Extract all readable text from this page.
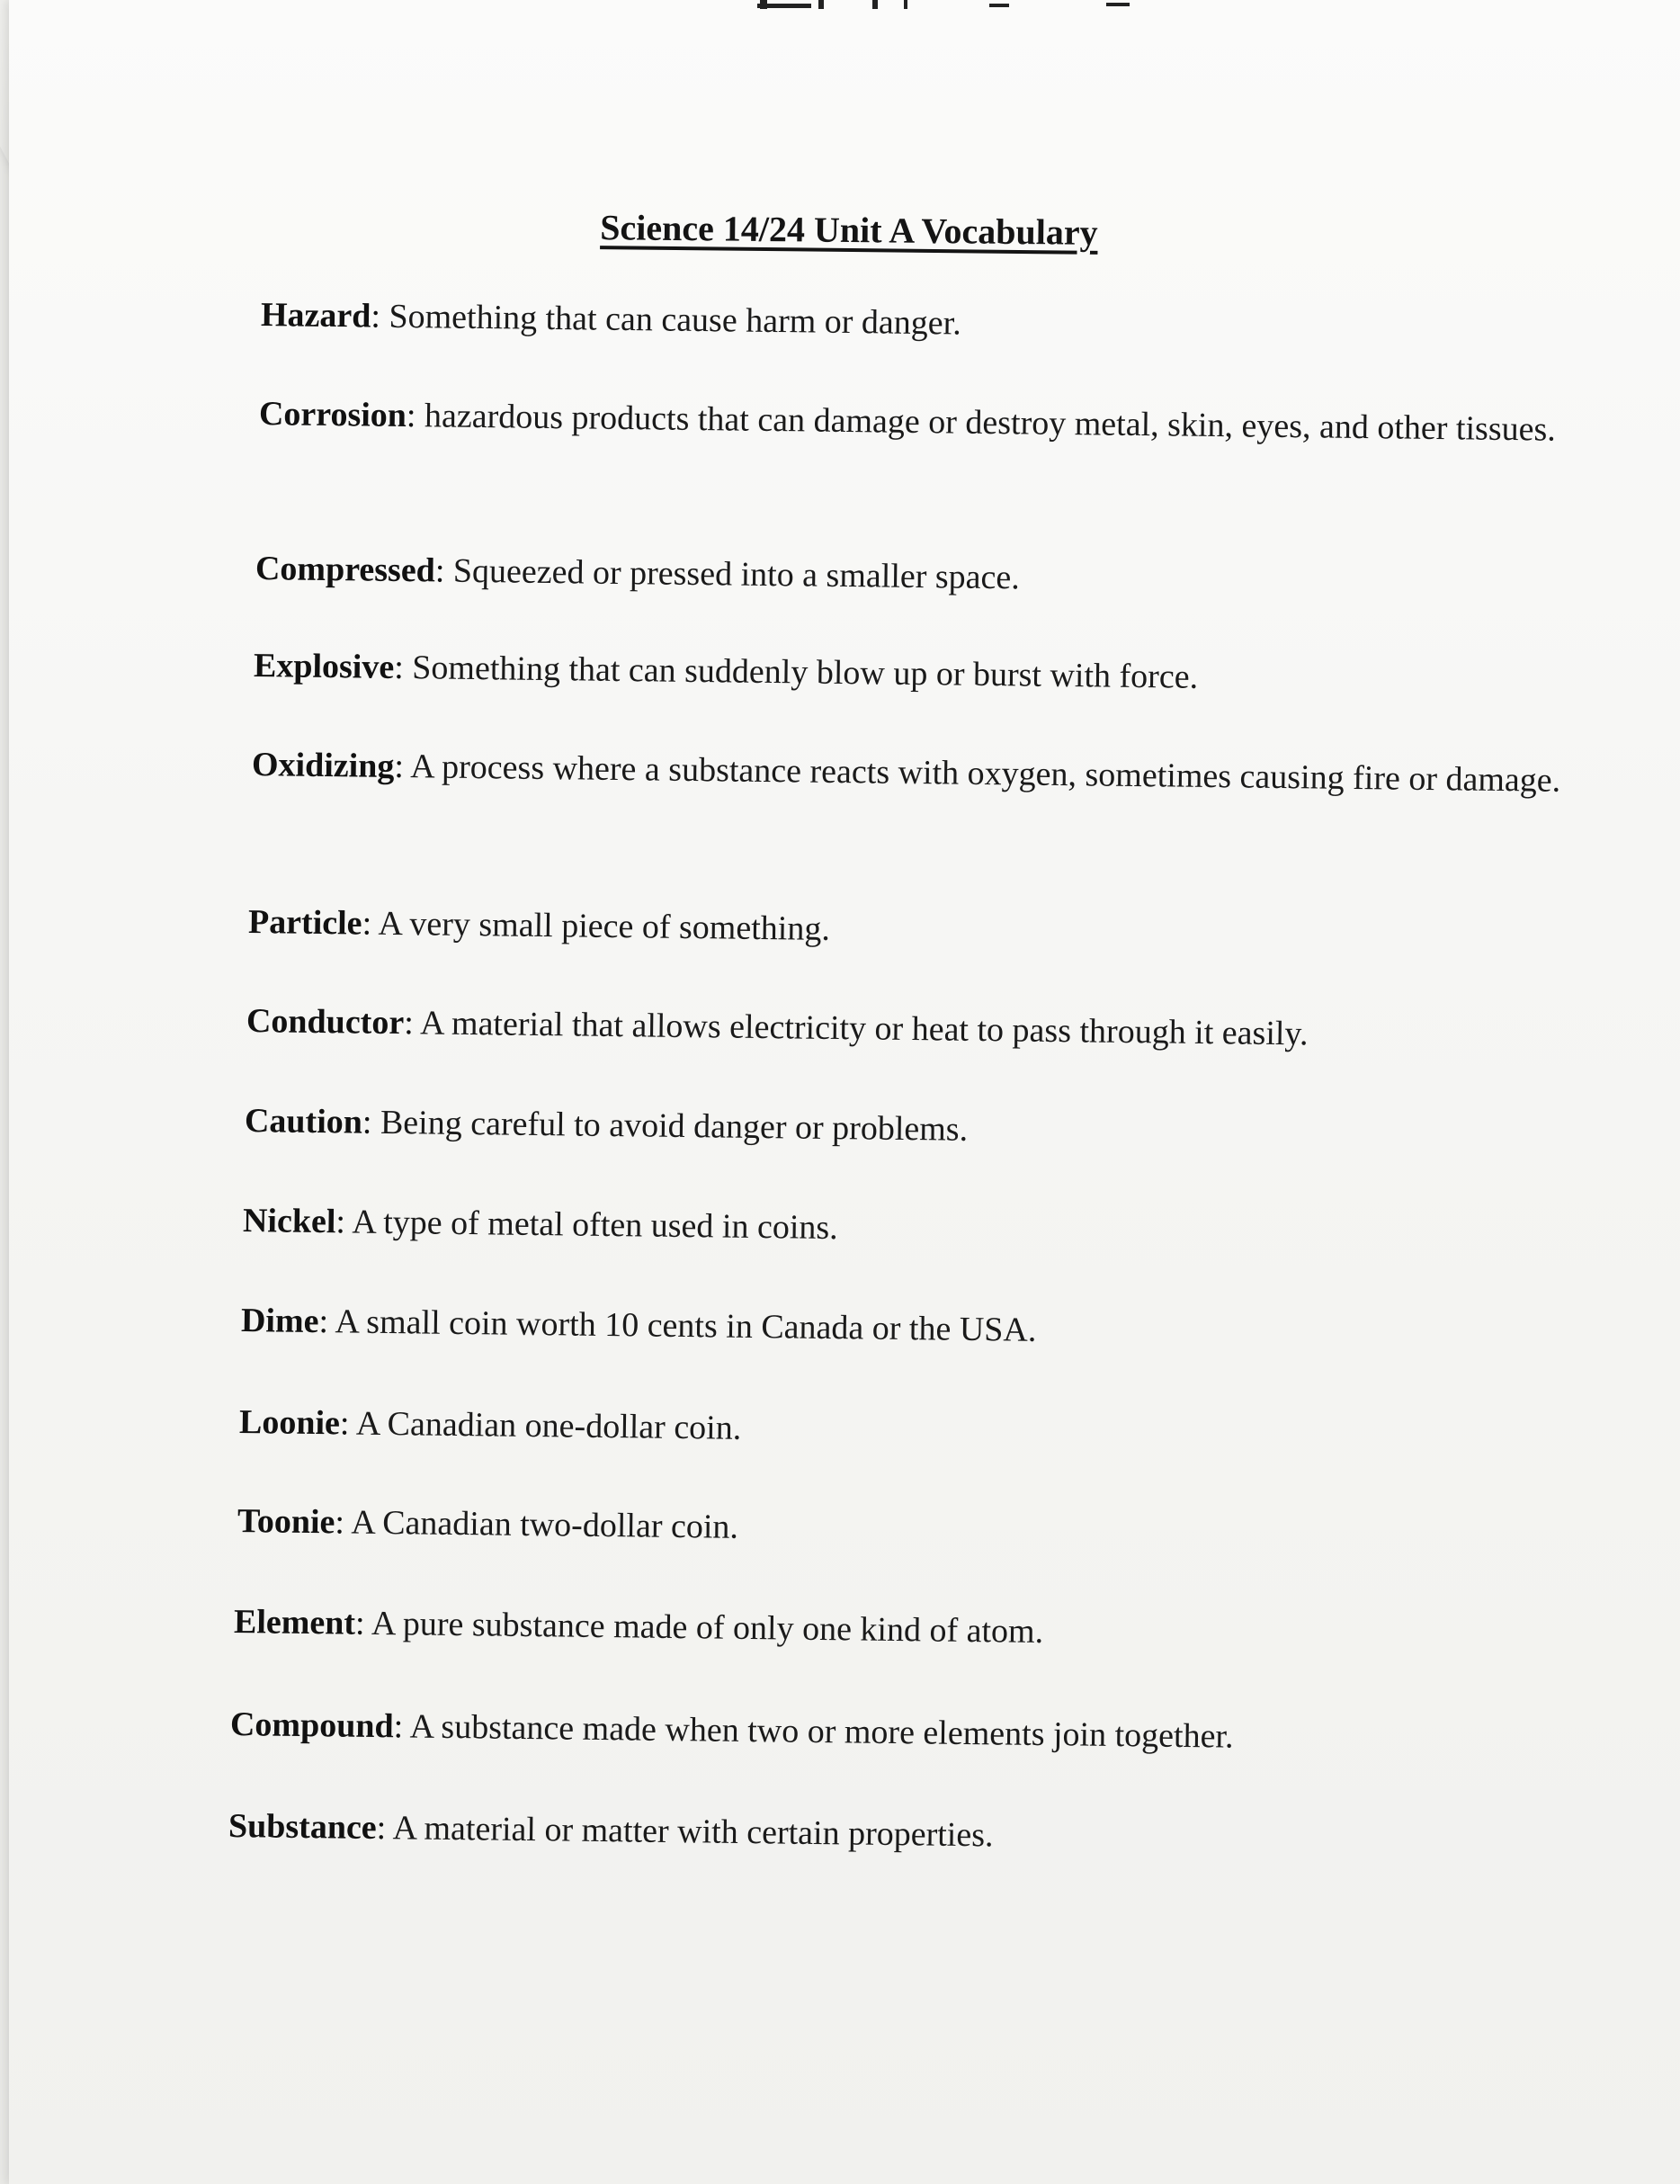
Science 14/24 Unit A Vocabulary
Hazard: Something that can cause harm or danger.
Corrosion: hazardous products that can damage or destroy metal, skin, eyes, and other tissues.
Compressed: Squeezed or pressed into a smaller space.
Explosive: Something that can suddenly blow up or burst with force.
Oxidizing: A process where a substance reacts with oxygen, sometimes causing fire or damage.
Particle: A very small piece of something.
Conductor: A material that allows electricity or heat to pass through it easily.
Caution: Being careful to avoid danger or problems.
Nickel: A type of metal often used in coins.
Dime: A small coin worth 10 cents in Canada or the USA.
Loonie: A Canadian one-dollar coin.
Toonie: A Canadian two-dollar coin.
Element: A pure substance made of only one kind of atom.
Compound: A substance made when two or more elements join together.
Substance: A material or matter with certain properties.
